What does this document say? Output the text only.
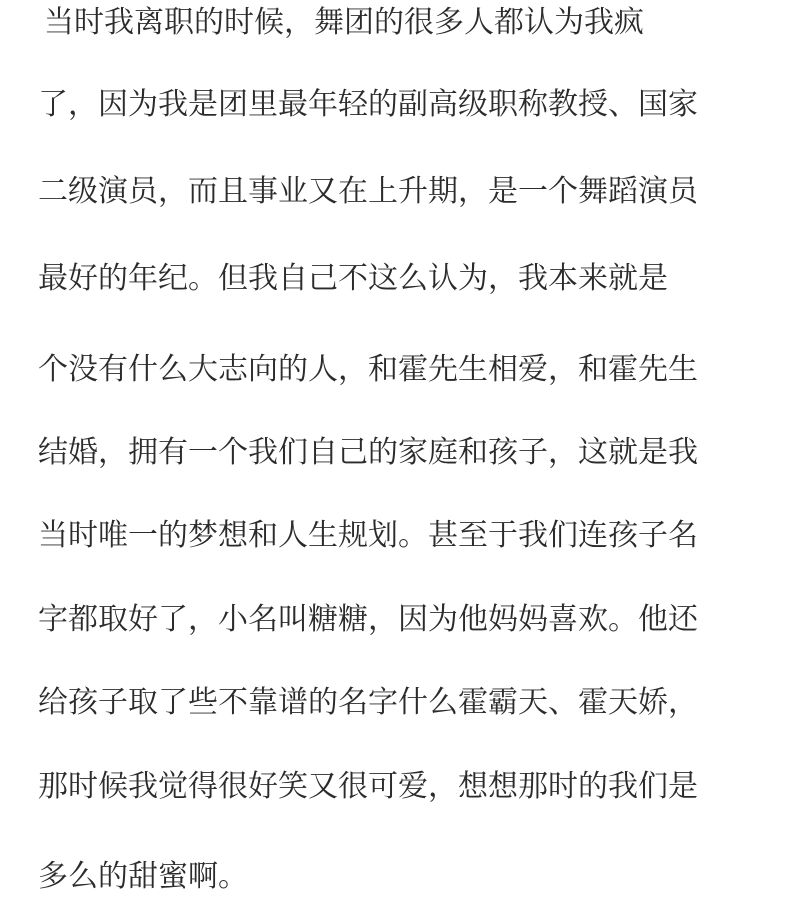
当时我离职的时候，舞团的很多人都认为我疯
了，因为我是团里最年轻的副高级职称教授、国家
二级演员，而且事业又在上升期，是一个舞蹈演员
最好的年纪。但我自己不这么认为，我本来就是
个没有什么大志向的人，和霍先生相爱，和霍先生
结婚，拥有一个我们自己的家庭和孩子，这就是我
当时唯一的梦想和人生规划。甚至于我们连孩子名
字都取好了，小名叫糖糖，因为他妈妈喜欢。他还
给孩子取了些不靠谱的名字什么霍霸天、霍天娇，
那时候我觉得很好笑又很可爱，想想那时的我们是
多么的甜蜜啊。
